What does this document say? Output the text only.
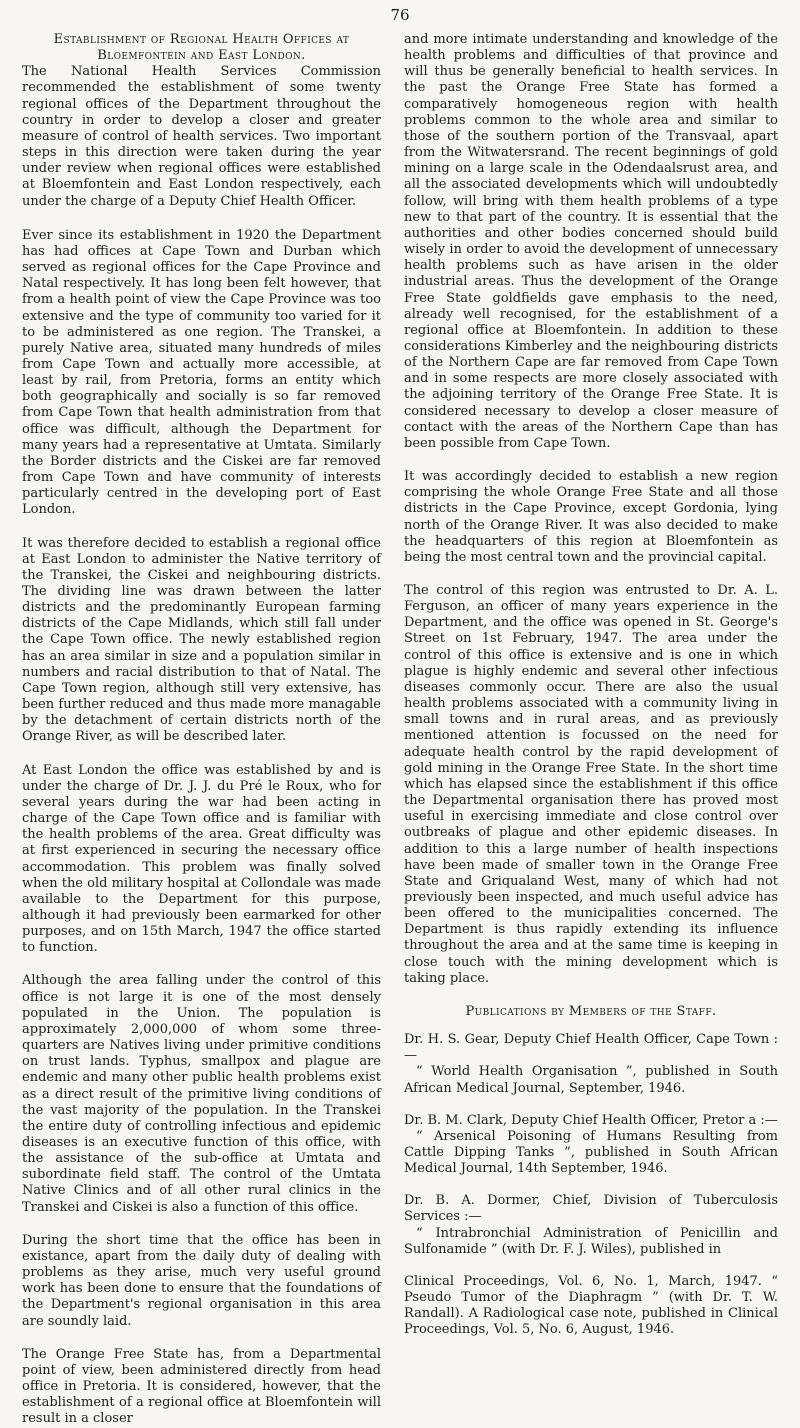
76

Establishment of Regional Health Offices at

Bloemfontein and East London.

The National Health Services Commission recommended the establishment of some twenty regional offices of the Department throughout the country in order to develop a closer and greater measure of control of health services. Two important steps in this direction were taken during the year under review when regional offices were established at Bloemfontein and East London respectively, each under the charge of a Deputy Chief Health Officer.

Ever since its establishment in 1920 the Department has had offices at Cape Town and Durban which served as regional offices for the Cape Province and Natal respectively. It has long been felt however, that from a health point of view the Cape Province was too extensive and the type of community too varied for it to be administered as one region. The Transkei, a purely Native area, situated many hundreds of miles from Cape Town and actually more accessible, at least by rail, from Pretoria, forms an entity which both geographically and socially is so far removed from Cape Town that health administration from that office was difficult, although the Department for many years had a representative at Umtata. Similarly the Border districts and the Ciskei are far removed from Cape Town and have community of interests particularly centred in the developing port of East London.

It was therefore decided to establish a regional office at East London to administer the Native territory of the Transkei, the Ciskei and neighbouring districts. The dividing line was drawn between the latter districts and the predominantly European farming districts of the Cape Midlands, which still fall under the Cape Town office. The newly established region has an area similar in size and a population similar in numbers and racial distribution to that of Natal. The Cape Town region, although still very extensive, has been further reduced and thus made more managable by the detachment of certain districts north of the Orange River, as will be described later.

At East London the office was established by and is under the charge of Dr. J. J. du Pré le Roux, who for several years during the war had been acting in charge of the Cape Town office and is familiar with the health problems of the area. Great difficulty was at first experienced in securing the necessary office accommodation. This problem was finally solved when the old military hospital at Collondale was made available to the Department for this purpose, although it had previously been earmarked for other purposes, and on 15th March, 1947 the office started to function.

Although the area falling under the control of this office is not large it is one of the most densely populated in the Union. The population is approximately 2,000,000 of whom some three-quarters are Natives living under primitive conditions on trust lands. Typhus, smallpox and plague are endemic and many other public health problems exist as a direct result of the primitive living conditions of the vast majority of the population. In the Transkei the entire duty of controlling infectious and epidemic diseases is an executive function of this office, with the assistance of the sub-office at Umtata and subordinate field staff. The control of the Umtata Native Clinics and of all other rural clinics in the Transkei and Ciskei is also a function of this office.

During the short time that the office has been in existance, apart from the daily duty of dealing with problems as they arise, much very useful ground work has been done to ensure that the foundations of the Department's regional organisation in this area are soundly laid.

The Orange Free State has, from a Departmental point of view, been administered directly from head office in Pretoria. It is considered, however, that the establishment of a regional office at Bloemfontein will result in a closer

and more intimate understanding and knowledge of the health problems and difficulties of that province and will thus be generally beneficial to health services. In the past the Orange Free State has formed a comparatively homogeneous region with health problems common to the whole area and similar to those of the southern portion of the Transvaal, apart from the Witwatersrand. The recent beginnings of gold mining on a large scale in the Odendaalsrust area, and all the associated developments which will undoubtedly follow, will bring with them health problems of a type new to that part of the country. It is essential that the authorities and other bodies concerned should build wisely in order to avoid the development of unnecessary health problems such as have arisen in the older industrial areas. Thus the development of the Orange Free State goldfields gave emphasis to the need, already well recognised, for the establishment of a regional office at Bloemfontein. In addition to these considerations Kimberley and the neighbouring districts of the Northern Cape are far removed from Cape Town and in some respects are more closely associated with the adjoining territory of the Orange Free State. It is considered necessary to develop a closer measure of contact with the areas of the Northern Cape than has been possible from Cape Town.

It was accordingly decided to establish a new region comprising the whole Orange Free State and all those districts in the Cape Province, except Gordonia, lying north of the Orange River. It was also decided to make the headquarters of this region at Bloemfontein as being the most central town and the provincial capital.

The control of this region was entrusted to Dr. A. L. Ferguson, an officer of many years experience in the Department, and the office was opened in St. George's Street on 1st February, 1947. The area under the control of this office is extensive and is one in which plague is highly endemic and several other infectious diseases commonly occur. There are also the usual health problems associated with a community living in small towns and in rural areas, and as previously mentioned attention is focussed on the need for adequate health control by the rapid development of gold mining in the Orange Free State. In the short time which has elapsed since the establishment if this office the Departmental organisation there has proved most useful in exercising immediate and close control over outbreaks of plague and other epidemic diseases. In addition to this a large number of health inspections have been made of smaller town in the Orange Free State and Griqualand West, many of which had not previously been inspected, and much useful advice has been offered to the municipalities concerned. The Department is thus rapidly extending its influence throughout the area and at the same time is keeping in close touch with the mining development which is taking place.

Publications by Members of the Staff.

Dr. H. S. Gear, Deputy Chief Health Officer, Cape Town :—
“ World Health Organisation ”, published in South African Medical Journal, September, 1946.
Dr. B. M. Clark, Deputy Chief Health Officer, Pretor a :—
“ Arsenical Poisoning of Humans Resulting from Cattle Dipping Tanks ”, published in South African Medical Journal, 14th September, 1946.
Dr. B. A. Dormer, Chief, Division of Tuberculosis Services :—
“ Intrabronchial Administration of Penicillin and Sulfonamide ” (with Dr. F. J. Wiles), published in

Clinical Proceedings, Vol. 6, No. 1, March, 1947. “ Pseudo Tumor of the Diaphragm ” (with Dr. T. W. Randall). A Radiological case note, published in Clinical Proceedings, Vol. 5, No. 6, August, 1946.
